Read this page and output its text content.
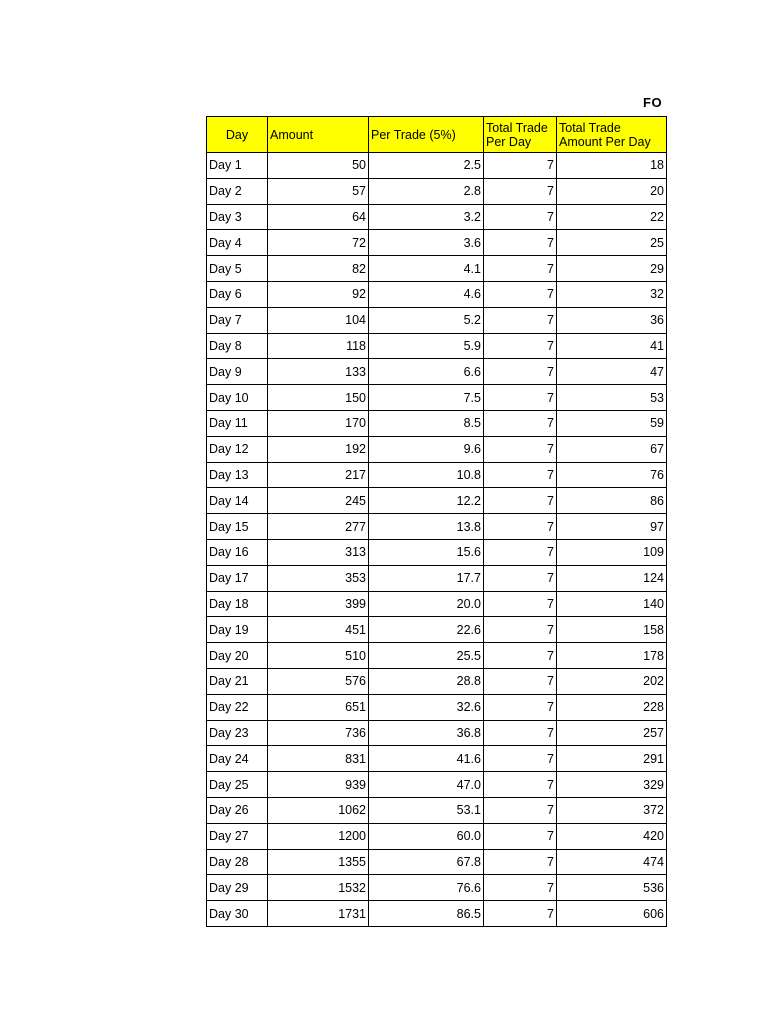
FO
Day	Amount	Per Trade (5%)	Total Trade Per Day	Total Trade Amount Per Day
Day 1	50	2.5	7	18
Day 2	57	2.8	7	20
Day 3	64	3.2	7	22
Day 4	72	3.6	7	25
Day 5	82	4.1	7	29
Day 6	92	4.6	7	32
Day 7	104	5.2	7	36
Day 8	118	5.9	7	41
Day 9	133	6.6	7	47
Day 10	150	7.5	7	53
Day 11	170	8.5	7	59
Day 12	192	9.6	7	67
Day 13	217	10.8	7	76
Day 14	245	12.2	7	86
Day 15	277	13.8	7	97
Day 16	313	15.6	7	109
Day 17	353	17.7	7	124
Day 18	399	20.0	7	140
Day 19	451	22.6	7	158
Day 20	510	25.5	7	178
Day 21	576	28.8	7	202
Day 22	651	32.6	7	228
Day 23	736	36.8	7	257
Day 24	831	41.6	7	291
Day 25	939	47.0	7	329
Day 26	1062	53.1	7	372
Day 27	1200	60.0	7	420
Day 28	1355	67.8	7	474
Day 29	1532	76.6	7	536
Day 30	1731	86.5	7	606
